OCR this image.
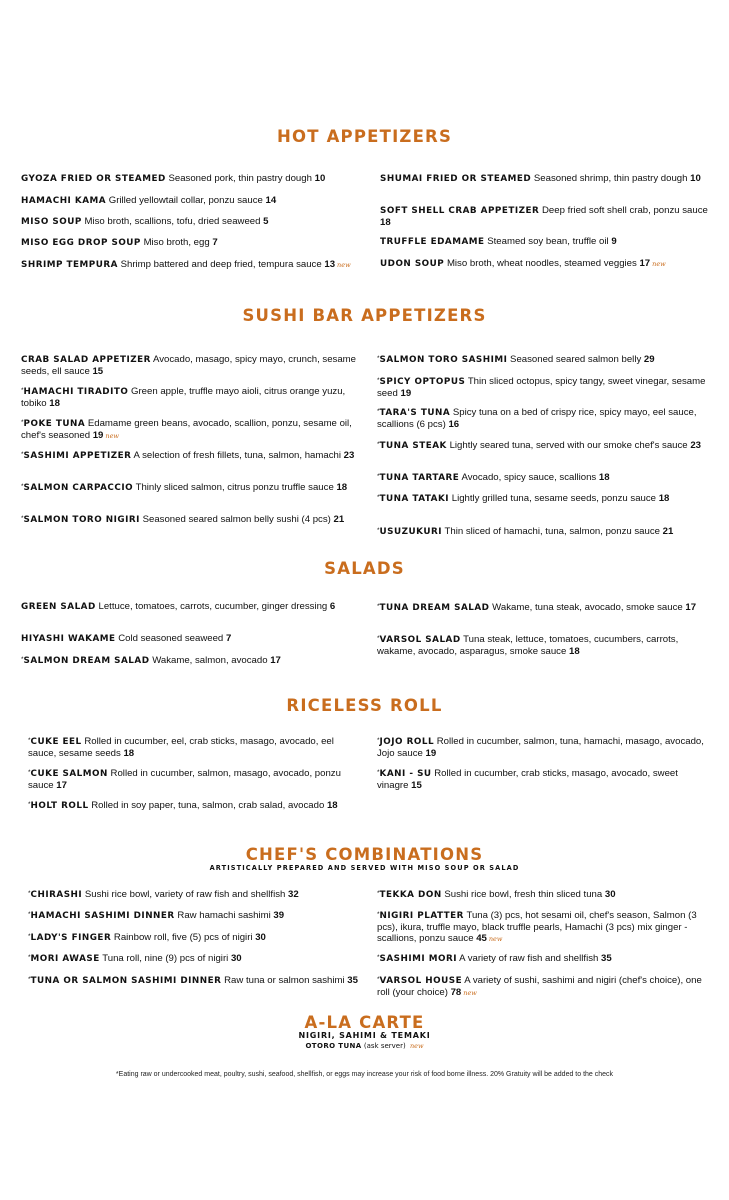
HOT APPETIZERS
GYOZA FRIED OR STEAMED Seasoned pork, thin pastry dough 10
HAMACHI KAMA Grilled yellowtail collar, ponzu sauce 14
MISO SOUP Miso broth, scallions, tofu, dried seaweed 5
MISO EGG DROP SOUP Miso broth, egg 7
SHRIMP TEMPURA Shrimp battered and deep fried, tempura sauce 13 new
SHUMAI FRIED OR STEAMED Seasoned shrimp, thin pastry dough 10
SOFT SHELL CRAB APPETIZER Deep fried soft shell crab, ponzu sauce 18
TRUFFLE EDAMAME Steamed soy bean, truffle oil 9
UDON SOUP Miso broth, wheat noodles, steamed veggies 17 new
SUSHI BAR APPETIZERS
CRAB SALAD APPETIZER Avocado, masago, spicy mayo, crunch, sesame seeds, ell sauce 15
*HAMACHI TIRADITO Green apple, truffle mayo aioli, citrus orange yuzu, tobiko 18
*POKE TUNA Edamame green beans, avocado, scallion, ponzu, sesame oil, chef's seasoned 19 new
*SASHIMI APPETIZER A selection of fresh fillets, tuna, salmon, hamachi 23
*SALMON CARPACCIO Thinly sliced salmon, citrus ponzu truffle sauce 18
*SALMON TORO NIGIRI Seasoned seared salmon belly sushi (4 pcs) 21
*SALMON TORO SASHIMI Seasoned seared salmon belly 29
*SPICY OPTOPUS Thin sliced octopus, spicy tangy, sweet vinegar, sesame seed 19
*TARA'S TUNA Spicy tuna on a bed of crispy rice, spicy mayo, eel sauce, scallions (6 pcs) 16
*TUNA STEAK Lightly seared tuna, served with our smoke chef's sauce 23
*TUNA TARTARE Avocado, spicy sauce, scallions 18
*TUNA TATAKI Lightly grilled tuna, sesame seeds, ponzu sauce 18
*USUZUKURI Thin sliced of hamachi, tuna, salmon, ponzu sauce 21
SALADS
GREEN SALAD Lettuce, tomatoes, carrots, cucumber, ginger dressing 6
HIYASHI WAKAME Cold seasoned seaweed 7
*SALMON DREAM SALAD Wakame, salmon, avocado 17
*TUNA DREAM SALAD Wakame, tuna steak, avocado, smoke sauce 17
*VARSOL SALAD Tuna steak, lettuce, tomatoes, cucumbers, carrots, wakame, avocado, asparagus, smoke sauce 18
RICELESS ROLL
*CUKE EEL Rolled in cucumber, eel, crab sticks, masago, avocado, eel sauce, sesame seeds 18
*CUKE SALMON Rolled in cucumber, salmon, masago, avocado, ponzu sauce 17
*HOLT ROLL Rolled in soy paper, tuna, salmon, crab salad, avocado 18
*JOJO ROLL Rolled in cucumber, salmon, tuna, hamachi, masago, avocado, Jojo sauce 19
*KANI - SU Rolled in cucumber, crab sticks, masago, avocado, sweet vinagre 15
CHEF'S COMBINATIONS
ARTISTICALLY PREPARED AND SERVED WITH MISO SOUP OR SALAD
*CHIRASHI Sushi rice bowl, variety of raw fish and shellfish 32
*HAMACHI SASHIMI DINNER Raw hamachi sashimi 39
*LADY'S FINGER Rainbow roll, five (5) pcs of nigiri 30
*MORI AWASE Tuna roll, nine (9) pcs of nigiri 30
*TUNA OR SALMON SASHIMI DINNER Raw tuna or salmon sashimi 35
*TEKKA DON Sushi rice bowl, fresh thin sliced tuna 30
*NIGIRI PLATTER Tuna (3) pcs, hot sesami oil, chef's season, Salmon (3 pcs), ikura, truffle mayo, black truffle pearls, Hamachi (3 pcs) mix ginger - scallions, ponzu sauce 45 new
*SASHIMI MORI A variety of raw fish and shellfish 35
*VARSOL HOUSE A variety of sushi, sashimi and nigiri (chef's choice), one roll (your choice) 78 new
A-LA CARTE
NIGIRI, SAHIMI & TEMAKI
OTORO TUNA (ask server) new
*Eating raw or undercooked meat, poultry, sushi, seafood, shellfish, or eggs may increase your risk of food borne illness. 20% Gratuity will be added to the check
